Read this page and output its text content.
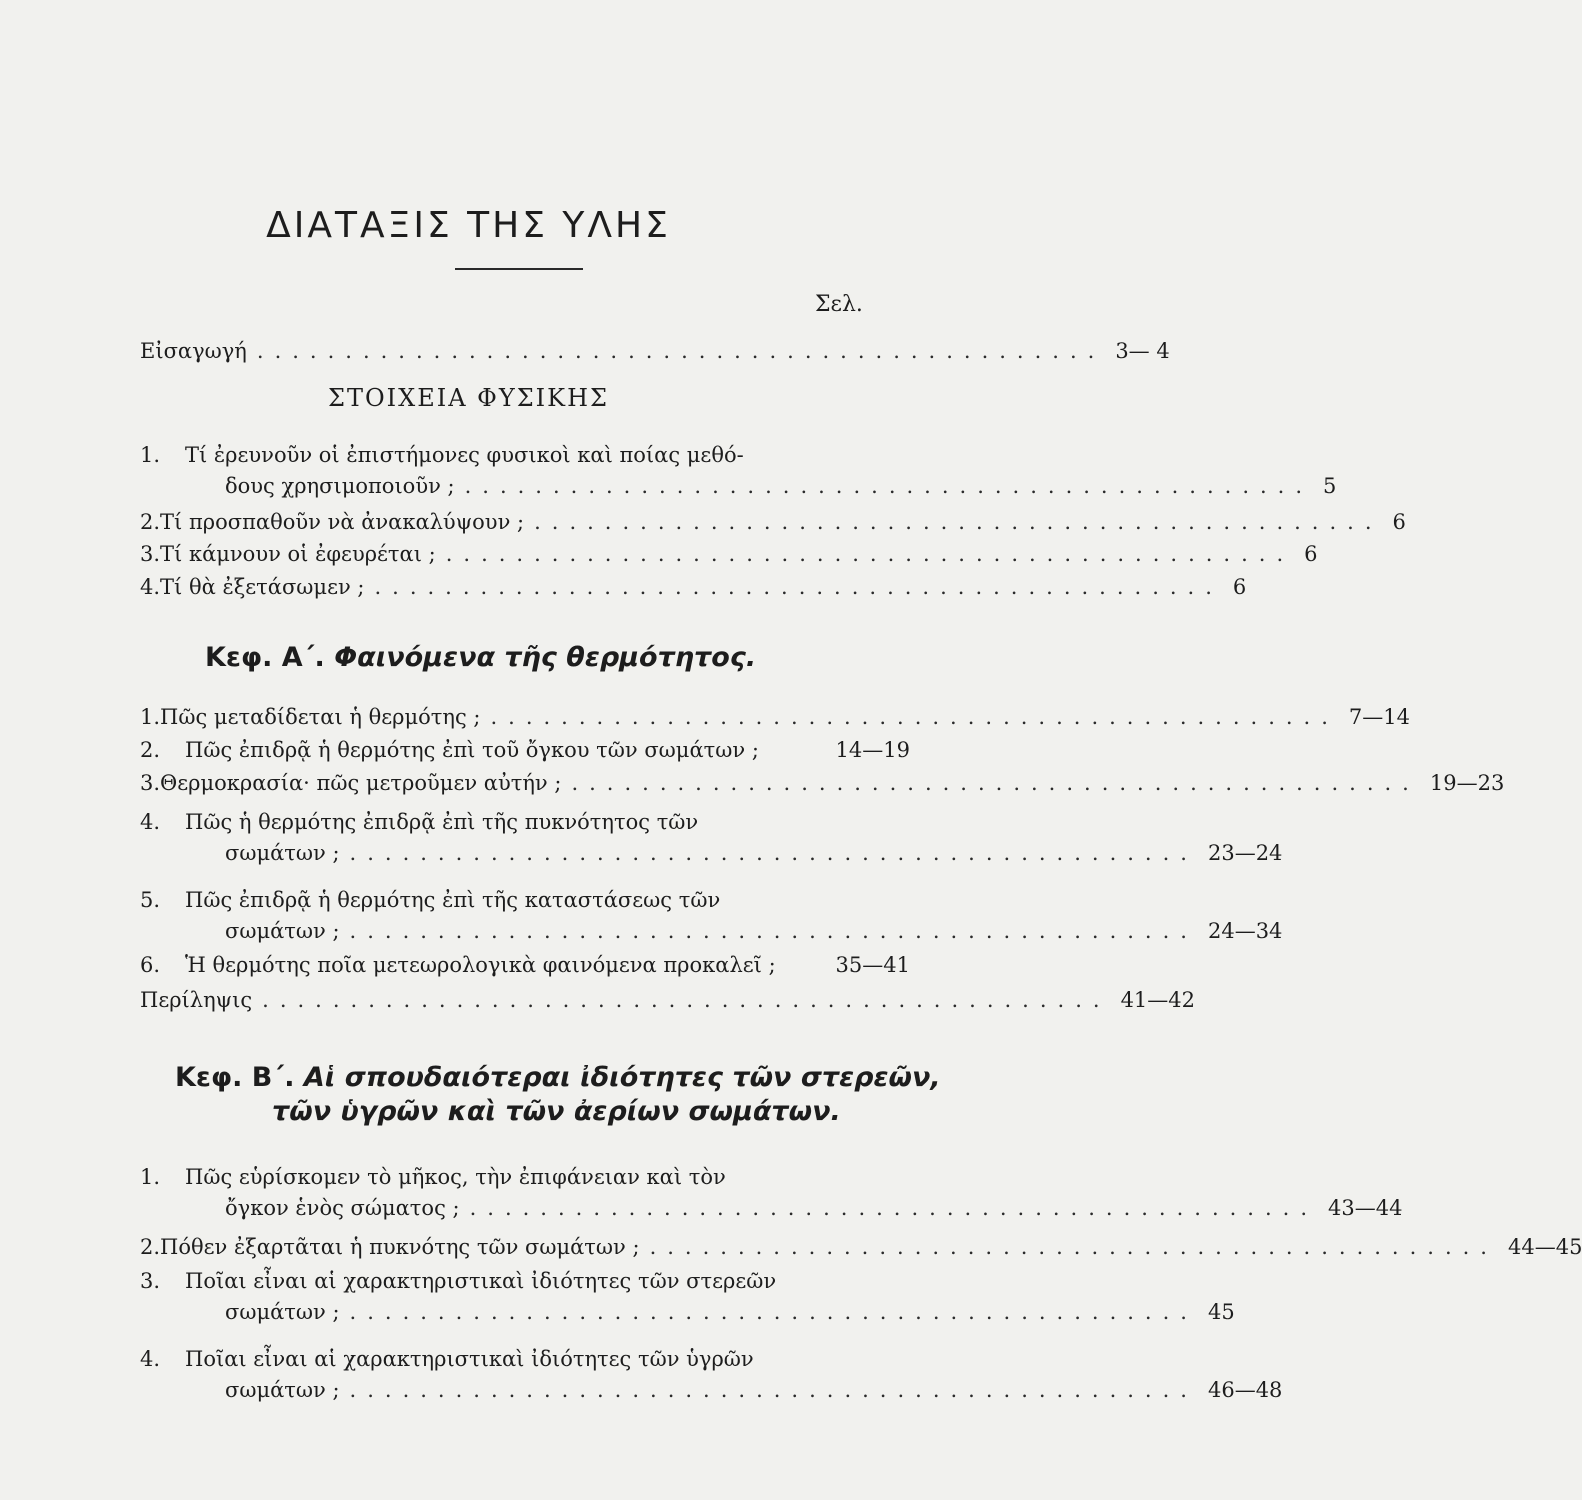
ΔΙΑΤΑΞΙΣ ΤΗΣ ΥΛΗΣ
Σελ.
Εἰσαγωγή ................................................ 3— 4
ΣΤΟΙΧΕΙΑ ΦΥΣΙΚΗΣ
1.	Τί ἐρευνοῦν οἱ ἐπιστήμονες φυσικοὶ καὶ ποίας μεθό-
δους χρησιμοποιοῦν ; ................................................ 5
2. Τί προσπαθοῦν νὰ ἀνακαλύψουν ; ................................................ 6
3. Τί κάμνουν οἱ ἐφευρέται ; ................................................ 6
4. Τί θὰ ἐξετάσωμεν ; ................................................ 6
Κεφ. Α΄. Φαινόμενα τῆς θερμότητος.
1. Πῶς μεταδίδεται ἡ θερμότης ; ................................................ 7—14
2.	Πῶς ἐπιδρᾷ ἡ θερμότης ἐπὶ τοῦ ὄγκου τῶν σωμάτων ;	14—19
3. Θερμοκρασία· πῶς μετροῦμεν αὐτήν ; ................................................ 19—23
4.	Πῶς ἡ θερμότης ἐπιδρᾷ ἐπὶ τῆς πυκνότητος τῶν
σωμάτων ; ................................................ 23—24
5.	Πῶς ἐπιδρᾷ ἡ θερμότης ἐπὶ τῆς καταστάσεως τῶν
σωμάτων ; ................................................ 24—34
6.	Ἡ θερμότης ποῖα μετεωρολογικὰ φαινόμενα προκαλεῖ ;	35—41
Περίληψις ................................................ 41—42
Κεφ. Β΄. Αἱ σπουδαιότεραι ἰδιότητες τῶν στερεῶν,
τῶν ὑγρῶν καὶ τῶν ἀερίων σωμάτων.
1.	Πῶς εὑρίσκομεν τὸ μῆκος, τὴν ἐπιφάνειαν καὶ τὸν
ὄγκον ἑνὸς σώματος ; ................................................ 43—44
2. Πόθεν ἐξαρτᾶται ἡ πυκνότης τῶν σωμάτων ; ................................................ 44—45
3.	Ποῖαι εἶναι αἱ χαρακτηριστικαὶ ἰδιότητες τῶν στερεῶν
σωμάτων ; ................................................ 45
4.	Ποῖαι εἶναι αἱ χαρακτηριστικαὶ ἰδιότητες τῶν ὑγρῶν
σωμάτων ; ................................................ 46—48
